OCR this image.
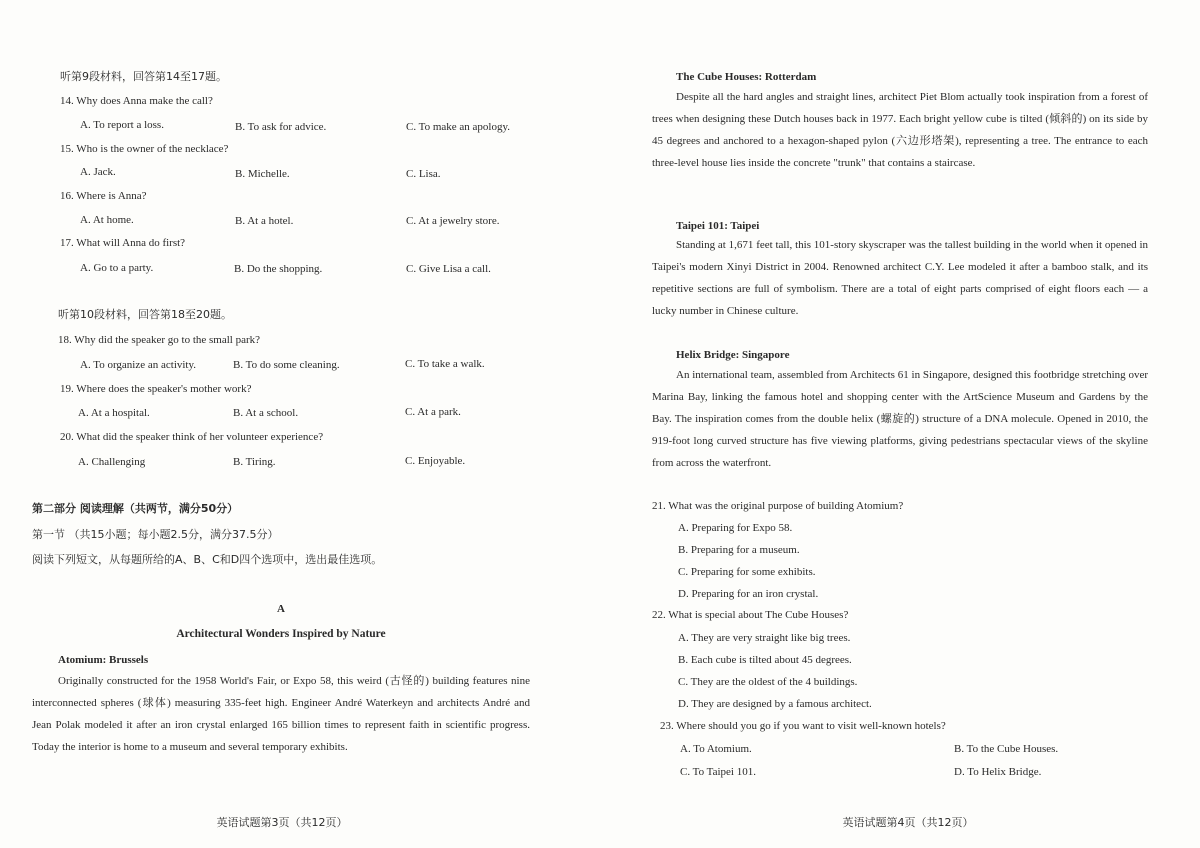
听第9段材料，回答第14至17题。
14. Why does Anna make the call?
A. To report a loss.	B. To ask for advice.	C. To make an apology.
15. Who is the owner of the necklace?
A. Jack.	B. Michelle.	C. Lisa.
16. Where is Anna?
A. At home.	B. At a hotel.	C. At a jewelry store.
17. What will Anna do first?
A. Go to a party.	B. Do the shopping.	C. Give Lisa a call.
听第10段材料，回答第18至20题。
18. Why did the speaker go to the small park?
A. To organize an activity.	B. To do some cleaning.	C. To take a walk.
19. Where does the speaker's mother work?
A. At a hospital.	B. At a school.	C. At a park.
20. What did the speaker think of her volunteer experience?
A. Challenging	B. Tiring.	C. Enjoyable.
第二部分 阅读理解（共两节，满分50分）
第一节 （共15小题；每小题2.5分，满分37.5分）
阅读下列短文，从每题所给的A、B、C和D四个选项中，选出最佳选项。
A
Architectural Wonders Inspired by Nature
Atomium: Brussels
Originally constructed for the 1958 World's Fair, or Expo 58, this weird (古怪的) building features nine interconnected spheres (球体) measuring 335-feet high. Engineer André Waterkeyn and architects André and Jean Polak modeled it after an iron crystal enlarged 165 billion times to represent faith in scientific progress. Today the interior is home to a museum and several temporary exhibits.
英语试题第3页（共12页）
The Cube Houses: Rotterdam
Despite all the hard angles and straight lines, architect Piet Blom actually took inspiration from a forest of trees when designing these Dutch houses back in 1977. Each bright yellow cube is tilted (倾斜的) on its side by 45 degrees and anchored to a hexagon-shaped pylon (六边形塔架), representing a tree. The entrance to each three-level house lies inside the concrete "trunk" that contains a staircase.
Taipei 101: Taipei
Standing at 1,671 feet tall, this 101-story skyscraper was the tallest building in the world when it opened in Taipei's modern Xinyi District in 2004. Renowned architect C.Y. Lee modeled it after a bamboo stalk, and its repetitive sections are full of symbolism. There are a total of eight parts comprised of eight floors each — a lucky number in Chinese culture.
Helix Bridge: Singapore
An international team, assembled from Architects 61 in Singapore, designed this footbridge stretching over Marina Bay, linking the famous hotel and shopping center with the ArtScience Museum and Gardens by the Bay. The inspiration comes from the double helix (螺旋的) structure of a DNA molecule. Opened in 2010, the 919-foot long curved structure has five viewing platforms, giving pedestrians spectacular views of the skyline from across the waterfront.
21. What was the original purpose of building Atomium?
A. Preparing for Expo 58.
B. Preparing for a museum.
C. Preparing for some exhibits.
D. Preparing for an iron crystal.
22. What is special about The Cube Houses?
A. They are very straight like big trees.
B. Each cube is tilted about 45 degrees.
C. They are the oldest of the 4 buildings.
D. They are designed by a famous architect.
23. Where should you go if you want to visit well-known hotels?
A. To Atomium.	B. To the Cube Houses.
C. To Taipei 101.	D. To Helix Bridge.
英语试题第4页（共12页）
